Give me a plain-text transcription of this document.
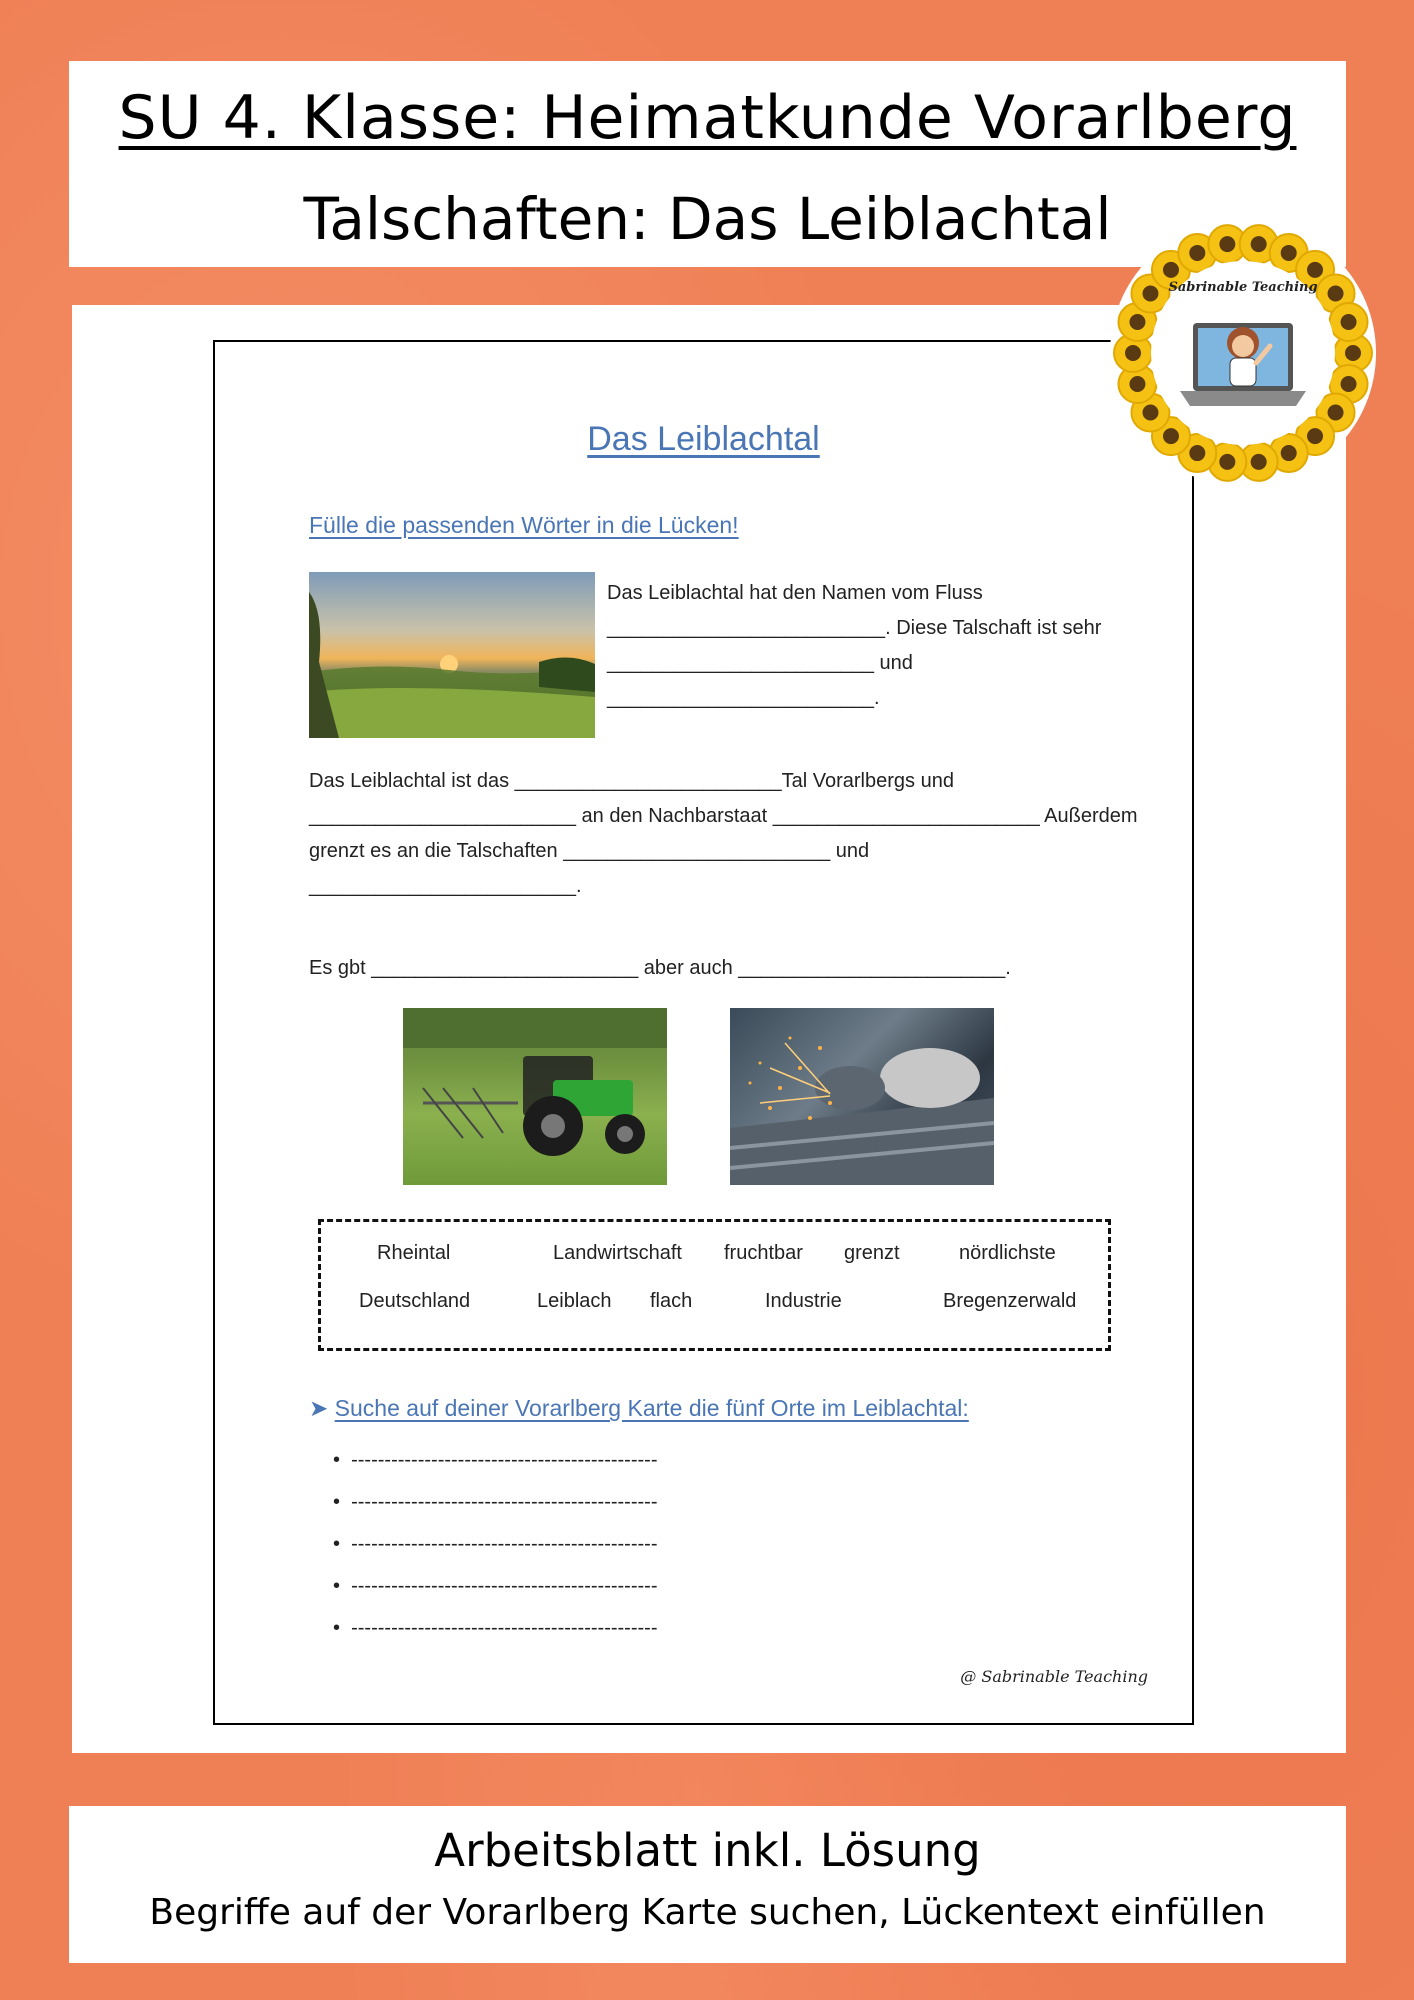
SU 4. Klasse: Heimatkunde Vorarlberg
Talschaften: Das Leiblachtal
Das Leiblachtal
Fülle die passenden Wörter in die Lücken!
Das Leiblachtal hat den Namen vom Fluss
_________________________. Diese Talschaft ist sehr
________________________ und
________________________.
Das Leiblachtal ist das ________________________Tal Vorarlbergs und
________________________ an den Nachbarstaat ________________________ Außerdem
grenzt es an die Talschaften ________________________ und
________________________.
Es gbt ________________________ aber auch ________________________.
Rheintal	Landwirtschaft fruchtbar grenzt	nördlichste
Deutschland	Leiblach flach	Industrie	Bregenzerwald
➤ Suche auf deiner Vorarlberg Karte die fünf Orte im Leiblachtal:
•  ----------------------------------------------
•  ----------------------------------------------
•  ----------------------------------------------
•  ----------------------------------------------
•  ----------------------------------------------
@ Sabrinable Teaching
Sabrinable Teaching
Arbeitsblatt inkl. Lösung
Begriffe auf der Vorarlberg Karte suchen, Lückentext einfüllen
